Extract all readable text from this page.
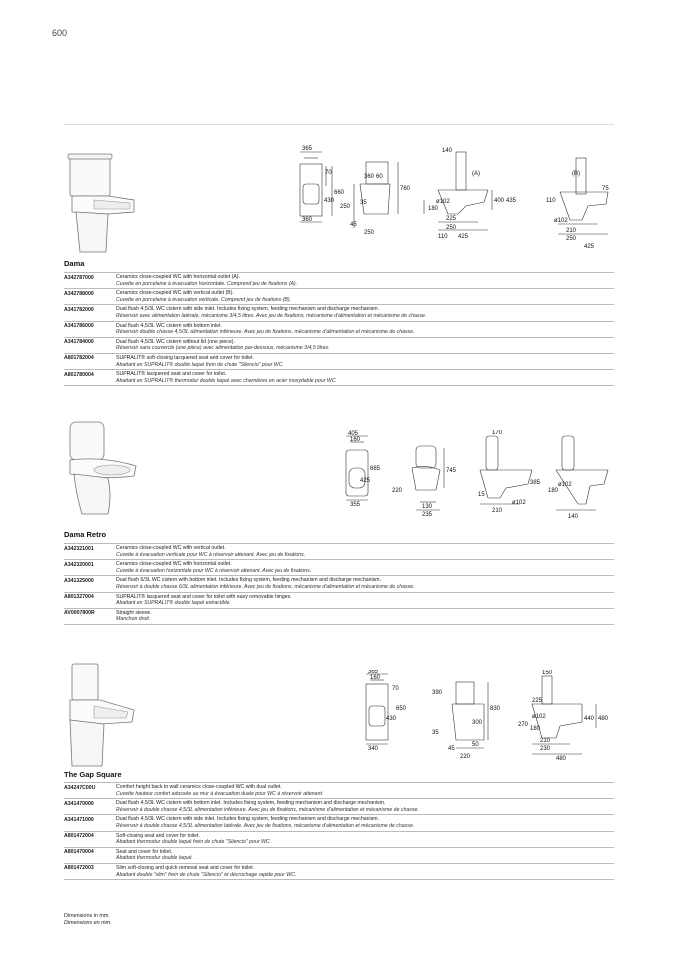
600
365	140
70
360 60
660
760
430
250
35
180
ø102	400 435
(A)	(B)
75
110
ø102
360
45
250
225
250
110 425
210
250
425
Dama
A342787000	Ceramics close-coupled WC with horizontal outlet (A).
Cuvette en porcelaine à évacuation horizontale. Comprend jeu de fixations (A).
A342788000	Ceramics close-coupled WC with vertical outlet (B).
Cuvette en porcelaine à évacuation verticale. Comprend jeu de fixations (B).
A341782000	Dual flush 4,5/3L WC cistern with side inlet. Includes fixing system, feeding mechanism and discharge mechanism.
Réservoir avec alimentation latérale, mécanisme 3/4,5 litres. Avec jeu de fixations, mécanisme d'alimentation et mécanisme de chasse.
A341786000	Dual flush 4,5/3L WC cistern with bottom inlet.
Réservoir double chasse 4,5/3L alimentation inférieure. Avec jeu de fixations, mécanisme d'alimentation et mécanisme de chasse.
A341784000	Dual flush 4,5/3L WC cistern without lid (one piece).
Réservoir sans couvercle (une pièce) avec alimentation par-dessous, mécanisme 3/4,5 litres.
A801782004	SUPRALIT® soft-closing lacquered seat and cover for toilet.
Abattant en SUPRALIT® double laqué frein de chute "Silencio" pour WC.
A801780004	SUPRALIT® lacquered seat and cover for toilet.
Abattant en SUPRALIT® thermodur double laqué avec charnières en acier inoxydable pour WC.
405
160
170
745
685
425	385
220
15
180
ø102
355	130
235
210
ø102
140
Dama Retro
A342321001	Ceramics close-coupled WC with vertical outlet.
Cuvette à évacuation verticale pour WC à réservoir attenant. Avec jeu de fixations.
A342320001	Ceramics close-coupled WC with horizontal outlet.
Cuvette à évacuation horizontale pour WC à réservoir attenant. Avec jeu de fixations.
A341325000	Dual flush 6/3L WC cistern with bottom inlet. Includes fixing system, feeding mechanism and discharge mechanism.
Réservoir à double chasse 6/3L alimentation inférieure. Avec jeu de fixations, mécanisme d'alimentation et mécanisme de chasse.
A801327004	SUPRALIT® lacquered seat and cover for toilet with easy removable hinges.
Abattant en SUPRALIT® double laqué extractible.
AV0007800R	Straight sleeve.
Manchon droit.
365
160
70
150
390
650
430
830
225
ø102	440 480
35
300	270
180
340	45
50
210
230
220	480
The Gap Square
A34247C00U	Comfort height back to wall ceramics close-coupled WC with dual outlet.
Cuvette hauteur confort adossée au mur à évacuation duale pour WC à réservoir attenant.
A341470000	Dual flush 4,5/3L WC cistern with bottom inlet. Includes fixing system, feeding mechanism and discharge mechanism.
Réservoir à double chasse 4,5/3L alimentation inférieure. Avec jeu de fixations, mécanisme d'alimentation et mécanisme de chasse.
A341471000	Dual flush 4,5/3L WC cistern with side inlet. Includes fixing system, feeding mechanism and discharge mechanism.
Réservoir à double chasse 4,5/3L alimentation latérale. Avec jeu de fixations, mécanisme d'alimentation et mécanisme de chasse.
A801472004	Soft-closing seat and cover for toilet.
Abattant thermodur double laqué frein de chute "Silencio" pour WC.
A801470004	Seat and cover for toilet.
Abattant thermodur double laqué.
A801472003	Slim soft-closing and quick removal seat and cover for toilet.
Abattant double "slim" frein de chute "Silencio" et décrochage rapide pour WC.
Dimensions in mm.
Dimensions en mm.
